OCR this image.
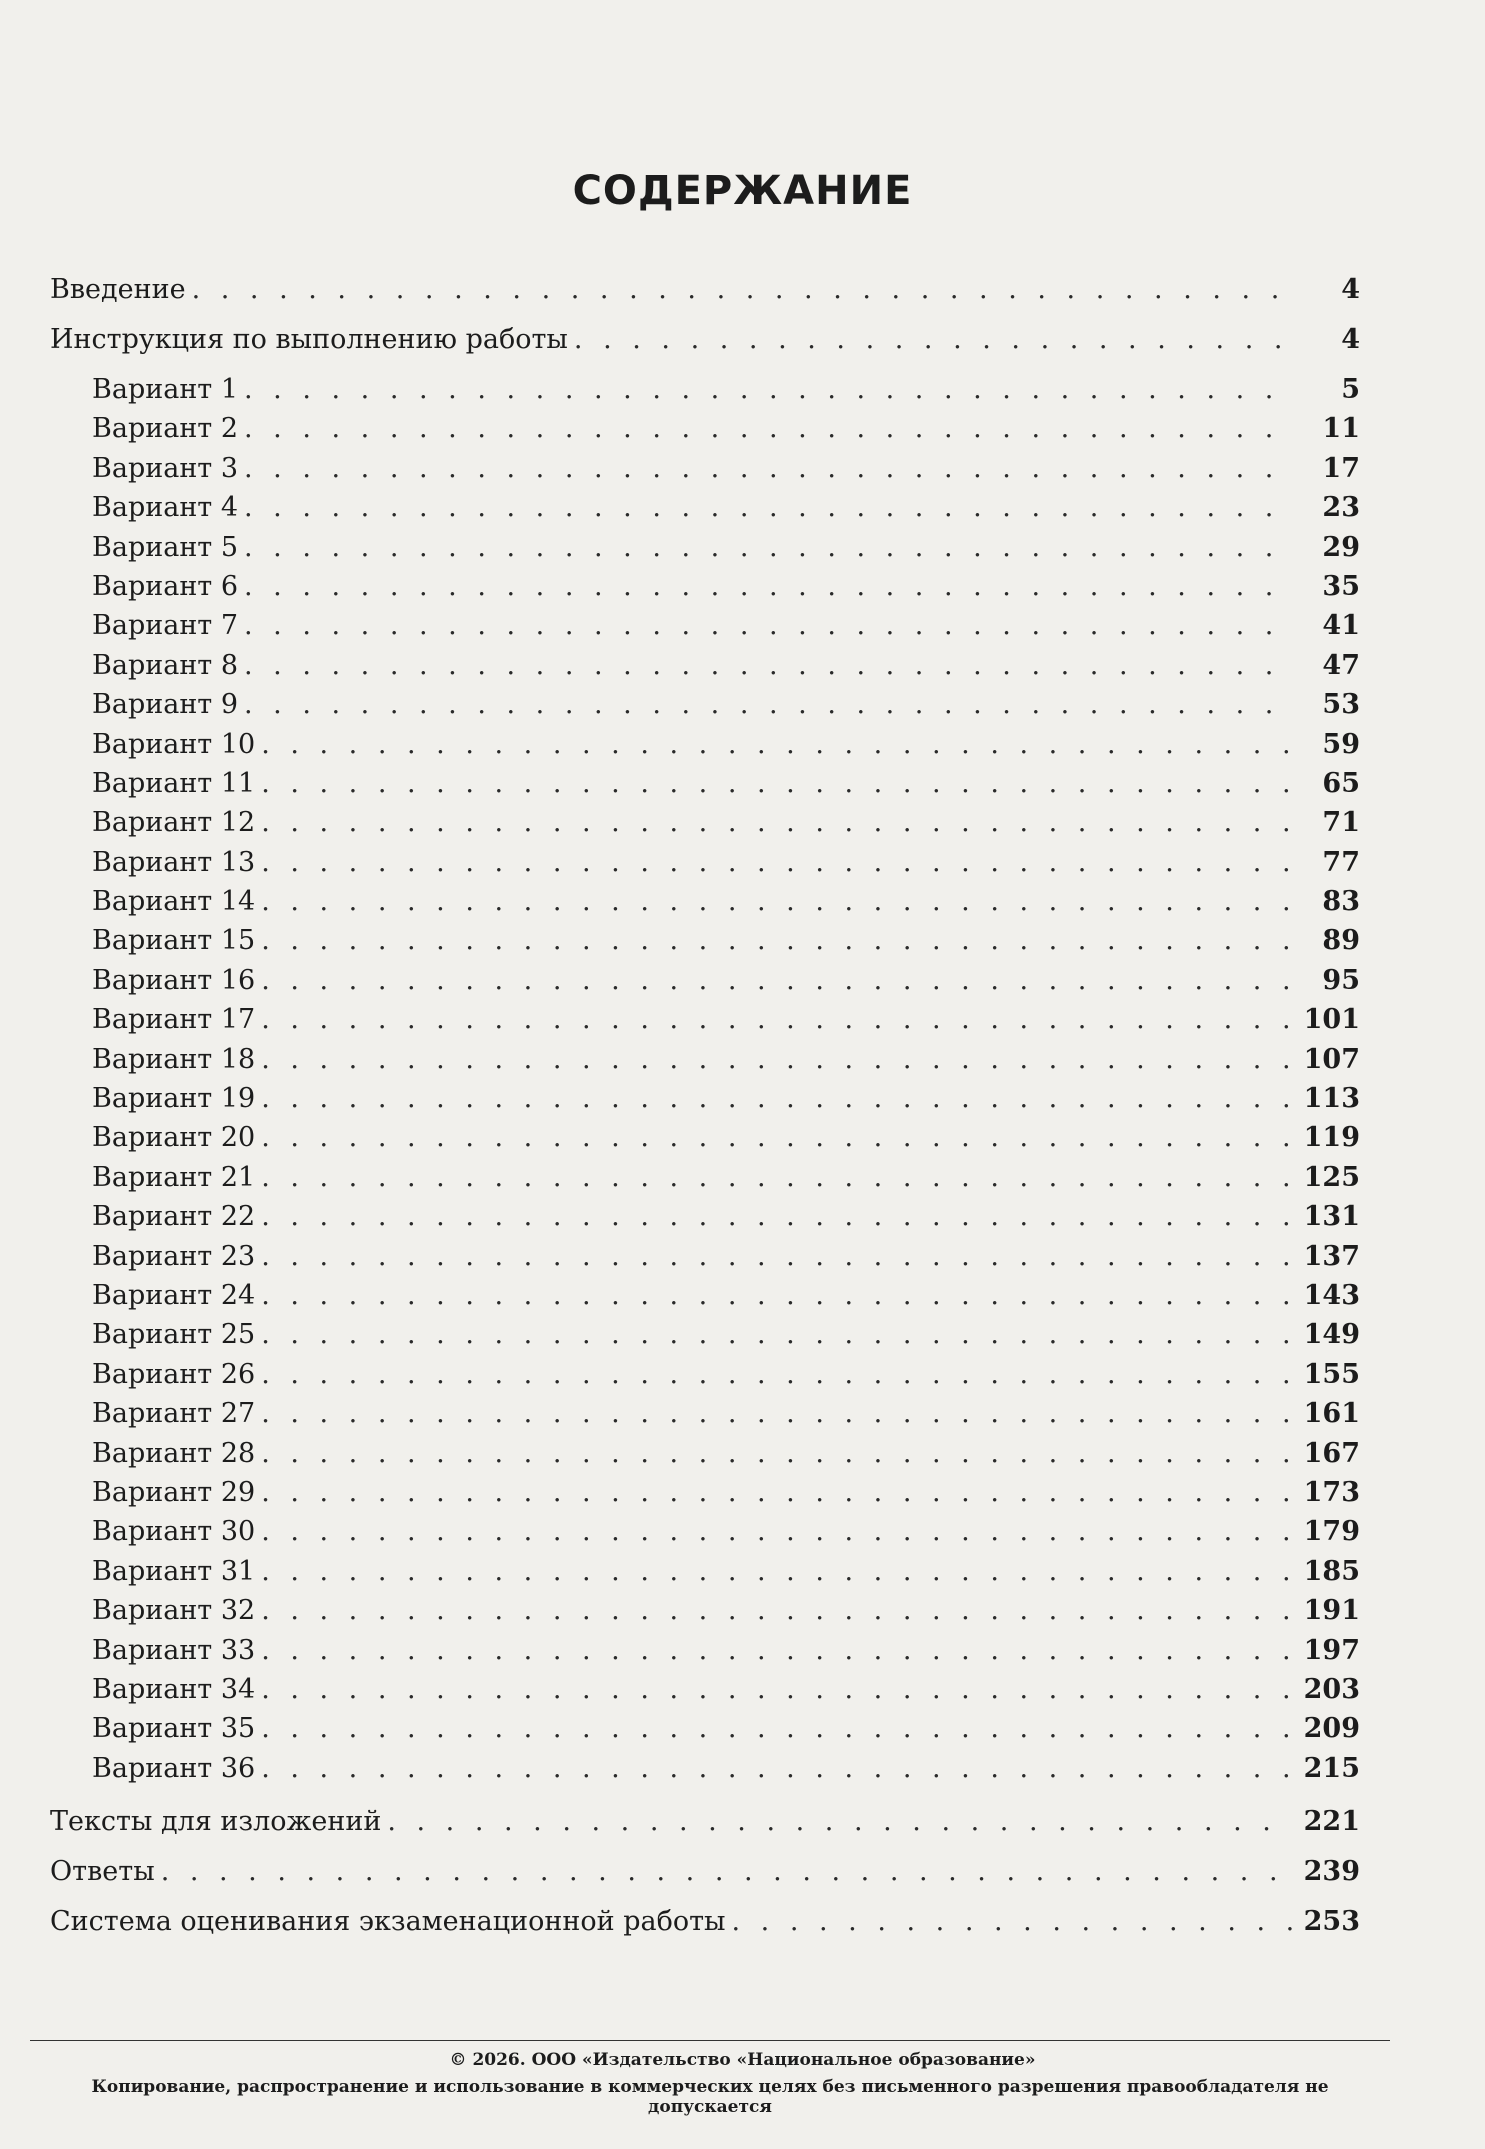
СОДЕРЖАНИЕ
Введение . . .	4
Инструкция по выполнению работы . . .	4
Вариант 1 . . .	5
Вариант 2 . . .	11
Вариант 3 . . .	17
Вариант 4 . . .	23
Вариант 5 . . .	29
Вариант 6 . . .	35
Вариант 7 . . .	41
Вариант 8 . . .	47
Вариант 9 . . .	53
Вариант 10 . . .	59
Вариант 11 . . .	65
Вариант 12 . . .	71
Вариант 13 . . .	77
Вариант 14 . . .	83
Вариант 15 . . .	89
Вариант 16 . . .	95
Вариант 17 . . .	101
Вариант 18 . . .	107
Вариант 19 . . .	113
Вариант 20 . . .	119
Вариант 21 . . .	125
Вариант 22 . . .	131
Вариант 23 . . .	137
Вариант 24 . . .	143
Вариант 25 . . .	149
Вариант 26 . . .	155
Вариант 27 . . .	161
Вариант 28 . . .	167
Вариант 29 . . .	173
Вариант 30 . . .	179
Вариант 31 . . .	185
Вариант 32 . . .	191
Вариант 33 . . .	197
Вариант 34 . . .	203
Вариант 35 . . .	209
Вариант 36 . . .	215
Тексты для изложений . . .	221
Ответы . . .	239
Система оценивания экзаменационной работы . . .	253
© 2026. ООО «Издательство «Национальное образование»
Копирование, распространение и использование в коммерческих целях без письменного разрешения правообладателя не допускается
